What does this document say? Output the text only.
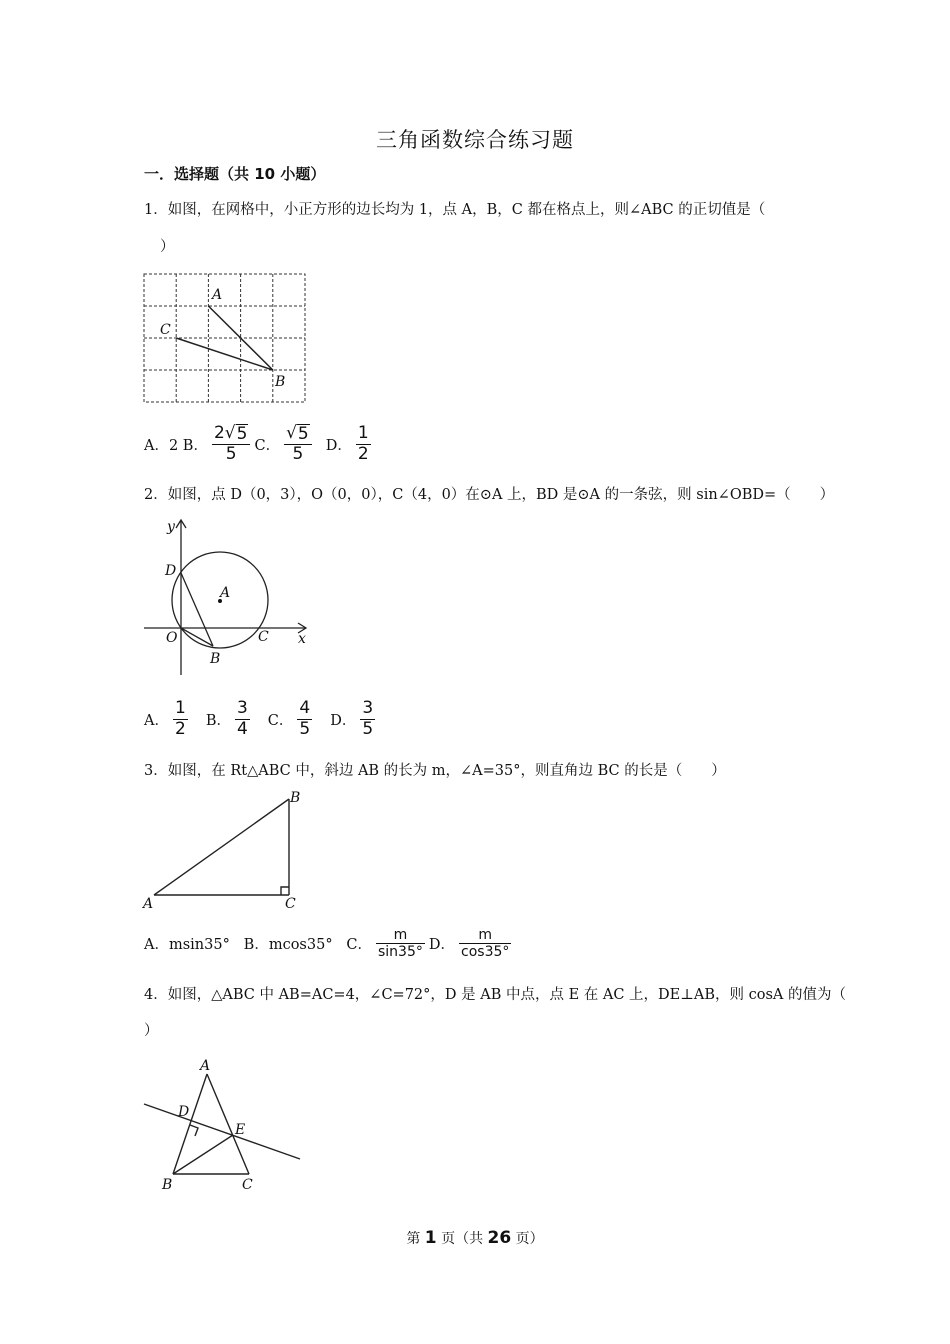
三角函数综合练习题
一．选择题（共 10 小题）
1．如图，在网格中，小正方形的边长均为 1，点 A，B，C 都在格点上，则∠ABC 的正切值是（
）
A
C
B
A．2 B． $\frac{2 √ 5}{5}$ C． $\frac{√ 5}{5}$ D． $\frac{1}{2}$
2．如图，点 D（0，3），O（0，0），C（4，0）在⊙A 上，BD 是⊙A 的一条弦，则 sin∠OBD=（　　）
y
x
D
A
O	C
B
A． $\frac{1}{2}$ B． $\frac{3}{4}$ C． $\frac{4}{5}$ D． $\frac{3}{5}$
3．如图，在 Rt△ABC 中，斜边 AB 的长为 m，∠A=35°，则直角边 BC 的长是（　　）
B
A	C
A．msin35°   B．mcos35°   C． $\frac{m}{\sin 35^\circ}$ D． $\frac{m}{\cos 35^\circ}$
4．如图，△ABC 中 AB=AC=4，∠C=72°，D 是 AB 中点，点 E 在 AC 上，DE⊥AB，则 cosA 的值为（
）
A
D
E
B	C
第 1 页（共 26 页）
